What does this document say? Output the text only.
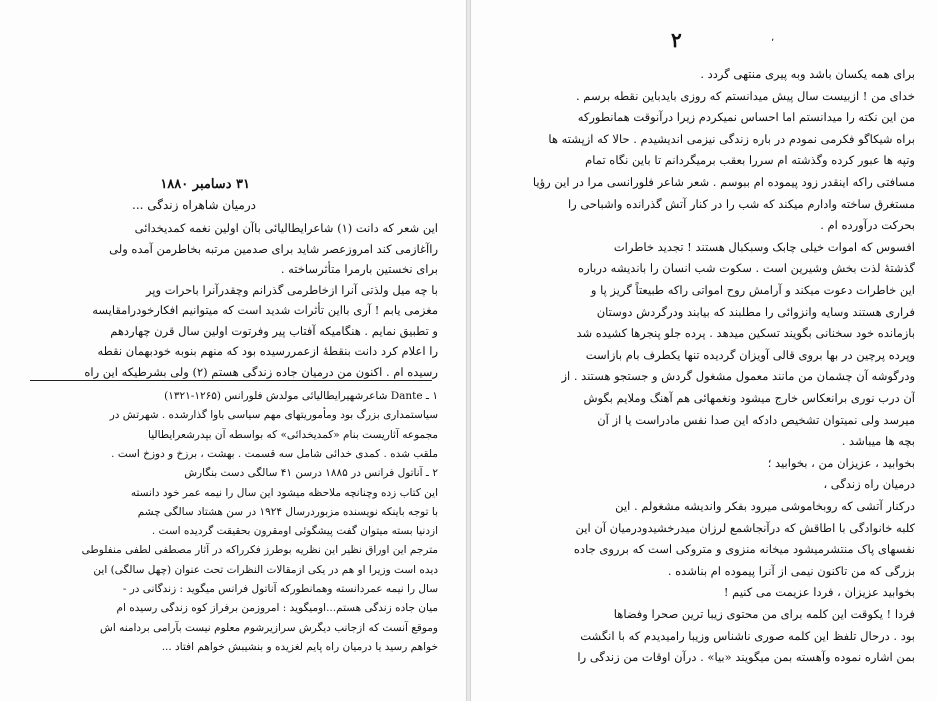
۳۱ دسامبر ۱۸۸۰
درمیان شاهراه زندگی ...
این شعر که دانت (۱) شاعرایطالیائی باآن اولین نغمه کمدیخدائی
راآغازمی کند امروزعصر شاید برای صدمین مرتبه بخاطرمن آمده ولی
برای نخستین بارمرا متأثرساخته .
با چه میل ولذتی آنرا ازخاطرمی گذرانم وچقدرآنرا باحرات وپر
مغزمی یابم ! آری بااین تأثرات شدید است که میتوانیم افکارخودرامقایسه
و تطبیق نمایم . هنگامیکه آفتاب پیر وفرتوت اولین سال قرن چهاردهم
را اعلام کرد دانت بنقطهٔ ازعمررسیده بود که منهم بنوبه خودبهمان نقطه
رسیده ام . اکنون من درمیان جاده زندگی هستم (۲) ولی بشرطیکه این راه
۱ ـ Dante شاعرشهیرایطالیائی مولدش فلورانس (۱۲۶۵-۱۳۲۱)
سیاستمداری بزرگ بود ومأموریتهای مهم سیاسی باوا گذارشده . شهرتش در
مجموعه آثاریست بنام «کمدیخدائی» که بواسطه آن بپدرشعرایطالیا
ملقب شده . کمدی خدائی شامل سه قسمت . بهشت ، برزخ و دوزخ است .
۲ ـ آناتول فرانس در ۱۸۸۵ درسن ۴۱ سالگی دست بنگارش
این کتاب زده وچنانچه ملاحظه میشود این سال را نیمه عمر خود دانسته
با توجه باینکه نویسنده مزبوردرسال ۱۹۲۴ در سن هشتاد سالگی چشم
ازدنیا بسته میتوان گفت پیشگوئی اومقرون بحقیقت گردیده است .
مترجم این اوراق نظیر این نظریه بوطرز فکرراکه در آثار مصطفی لطفی منفلوطی
دیده است وزیرا او هم در یکی ازمقالات النظرات تحت عنوان (چهل سالگی) این
سال را نیمه عمردانسته وهمانطورکه آناتول فرانس میگوید : زندگانی در -
میان جاده زندگی هستم...اومیگوید : امروزمن برفراز کوه زندگی رسیده ام
وموقع آنست که ازجانب دیگرش سرازیرشوم معلوم نیست بآرامی بردامنه اش
خواهم رسید یا درمیان راه پایم لغزیده و بنشیبش خواهم افتاد ...
۲	٬
برای همه یکسان باشد وبه پیری منتهی گردد .
خدای من ! ازبیست سال پیش میدانستم که روزی بایدباین نقطه برسم .
من این نکته را میدانستم اما احساس نمیکردم زیرا درآنوقت همانطورکه
براه شیکاگو فکرمی نمودم در باره زندگی نیزمی اندیشیدم . حالا که ازپشته ها
وتپه ها عبور کرده وگذشته ام سررا بعقب برمیگردانم تا باین نگاه تمام
مسافتی راکه اینقدر زود پیموده ام ببوسم . شعر شاعر فلورانسی مرا در این رؤیا
مستغرق ساخته وادارم میکند که شب را در کنار آتش گذرانده واشباحی را
بحرکت درآورده ام .
افسوس که اموات خیلی چابک وسبکبال هستند ! تجدید خاطرات
گذشتهٔ لذت بخش وشیرین است . سکوت شب انسان را باندیشه درباره
این خاطرات دعوت میکند و آرامش روح امواتی راکه طبیعتاً گریز پا و
فراری هستند وسایه وانزوائی را مطلبند که بیابند ودرگردش دوستان
بازمانده خود سخنانی بگویند تسکین میدهد . پرده جلو پنجرها کشیده شد
وپرده پرچین در بها بروی قالی آویزان گردیده تنها یکطرف بام بازاست
ودرگوشه آن چشمان من مانند معمول مشغول گردش و جستجو هستند . از
آن درب نوری برانعکاس خارج میشود ونغمهائی هم آهنگ وملایم بگوش
میرسد ولی نمیتوان تشخیص دادکه این صدا نفس مادراست یا از آن
بچه ها میباشد .
بخوابید ، عزیزان من ، بخوابید ؛
درمیان راه زندگی ،
درکنار آتشی که روبخاموشی میرود بفکر واندیشه مشغولم . این
کلبه خانوادگی با اطاقش که درآنجاشمع لرزان میدرخشیدودرمیان آن این
نفسهای پاک منتشرمیشود میخانه منزوی و متروکی است که برروی جاده
بزرگی که من تاکنون نیمی از آنرا پیموده ام بناشده .
بخوابید عزیزان ، فردا عزیمت می کنیم !
فردا ! یکوقت این کلمه برای من محتوی زیبا ترین صحرا وفضاها
بود . درحال تلفظ این کلمه صوری ناشناس وزیبا رامیدیدم که با انگشت
بمن اشاره نموده وآهسته بمن میگویند «بیا» . درآن اوقات من زندگی را
